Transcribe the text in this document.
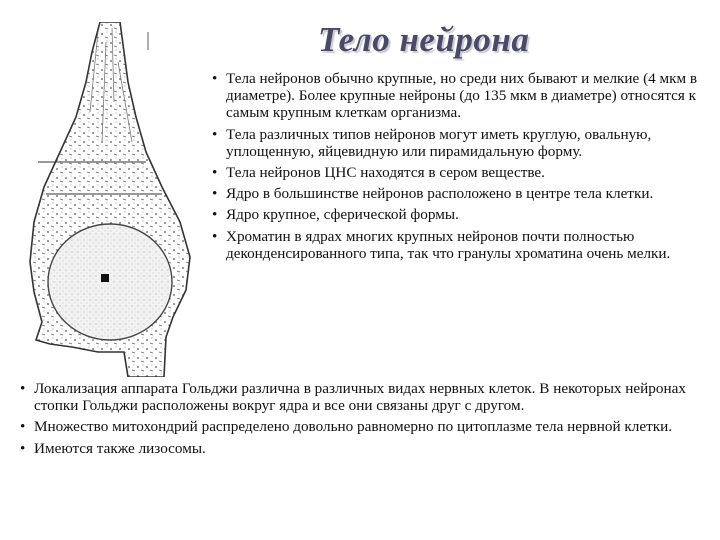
Тело нейрона
• Тела нейронов обычно крупные, но среди них бывают и мелкие (4 мкм в диаметре). Более крупные нейроны (до 135 мкм в диаметре) относятся к самым крупным клеткам организма.
• Тела различных типов нейронов могут иметь круглую, овальную, уплощенную, яйцевидную или пирамидальную форму.
• Тела нейронов ЦНС находятся в сером веществе.
• Ядро в большинстве нейронов расположено в центре тела клетки.
• Ядро крупное, сферической формы.
• Хроматин в ядрах многих крупных нейронов почти полностью деконденсированного типа, так что гранулы хроматина очень мелки.
• Локализация аппарата Гольджи различна в различных видах нервных клеток. В некоторых нейронах стопки Гольджи расположены вокруг ядра и все они связаны друг с другом.
• Множество митохондрий распределено довольно равномерно по цитоплазме тела нервной клетки.
• Имеются также лизосомы.
